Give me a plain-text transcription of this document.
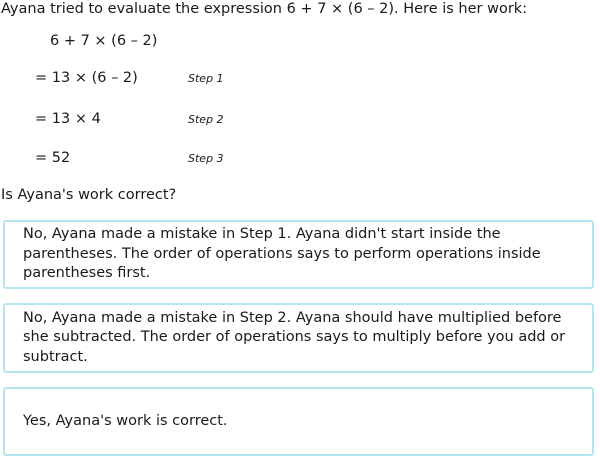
Ayana tried to evaluate the expression 6 + 7 × (6 – 2). Here is her work:
6 + 7 × (6 – 2)
= 13 × (6 – 2)	Step 1
= 13 × 4	Step 2
= 52	Step 3
Is Ayana's work correct?
No, Ayana made a mistake in Step 1. Ayana didn't start inside the parentheses. The order of operations says to perform operations inside parentheses first.
No, Ayana made a mistake in Step 2. Ayana should have multiplied before she subtracted. The order of operations says to multiply before you add or subtract.
Yes, Ayana's work is correct.
